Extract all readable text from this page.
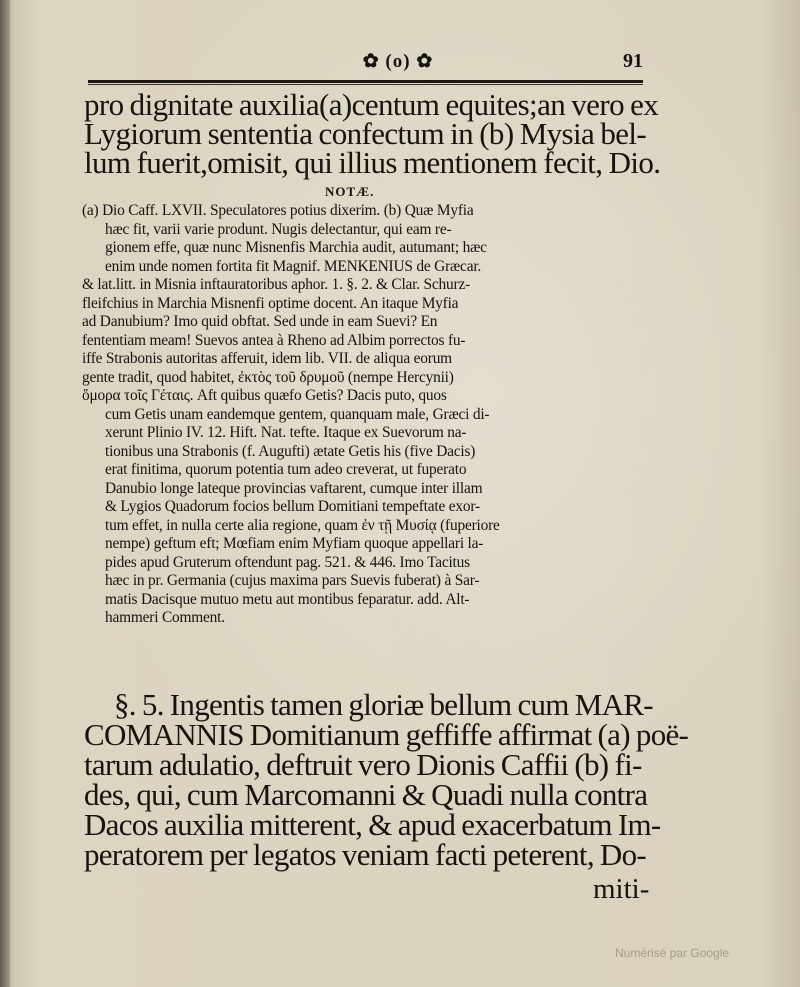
✿ (o) ✿	91
pro dignitate auxilia(a)centum equites;an vero ex
Lygiorum sententia confectum in (b) Mysia bel-
lum fuerit,omisit, qui illius mentionem fecit, Dio.
NOTÆ.
(a) Dio Caff. LXVII. Speculatores potius dixerim. (b) Quæ Myfia
hæc fit, varii varie produnt. Nugis delectantur, qui eam re-
gionem effe, quæ nunc Misnenfis Marchia audit, autumant; hæc
enim unde nomen fortita fit Magnif. MENKENIUS de Græcar.
& lat.litt. in Misnia inftauratoribus aphor. 1. §. 2. & Clar. Schurz-
fleifchius in Marchia Misnenfi optime docent. An itaque Myfia
ad Danubium? Imo quid obftat. Sed unde in eam Suevi? En
fententiam meam! Suevos antea à Rheno ad Albim porrectos fu-
iffe Strabonis autoritas afferuit, idem lib. VII. de aliqua eorum
gente tradit, quod habitet, ἐκτὸς τοῦ δρυμοῦ (nempe Hercynii)
ὅμορα τοῖς Γέταις. Aft quibus quæfo Getis? Dacis puto, quos
cum Getis unam eandemque gentem, quanquam male, Græci di-
xerunt Plinio IV. 12. Hift. Nat. tefte. Itaque ex Suevorum na-
tionibus una Strabonis (f. Augufti) ætate Getis his (five Dacis)
erat finitima, quorum potentia tum adeo creverat, ut fuperato
Danubio longe lateque provincias vaftarent, cumque inter illam
& Lygios Quadorum focios bellum Domitiani tempeftate exor-
tum effet, in nulla certe alia regione, quam ἐν τῇ Μυσίᾳ (fuperiore
nempe) geftum eft; Mœfiam enim Myfiam quoque appellari la-
pides apud Gruterum oftendunt pag. 521. & 446. Imo Tacitus
hæc in pr. Germania (cujus maxima pars Suevis fuberat) à Sar-
matis Dacisque mutuo metu aut montibus feparatur. add. Alt-
hammeri Comment.
§. 5. Ingentis tamen gloriæ bellum cum MAR-
COMANNIS Domitianum geffiffe affirmat (a) poë-
tarum adulatio, deftruit vero Dionis Caffii (b) fi-
des, qui, cum Marcomanni & Quadi nulla contra
Dacos auxilia mitterent, & apud exacerbatum Im-
peratorem per legatos veniam facti peterent, Do-
miti-
Numérisé par Google
